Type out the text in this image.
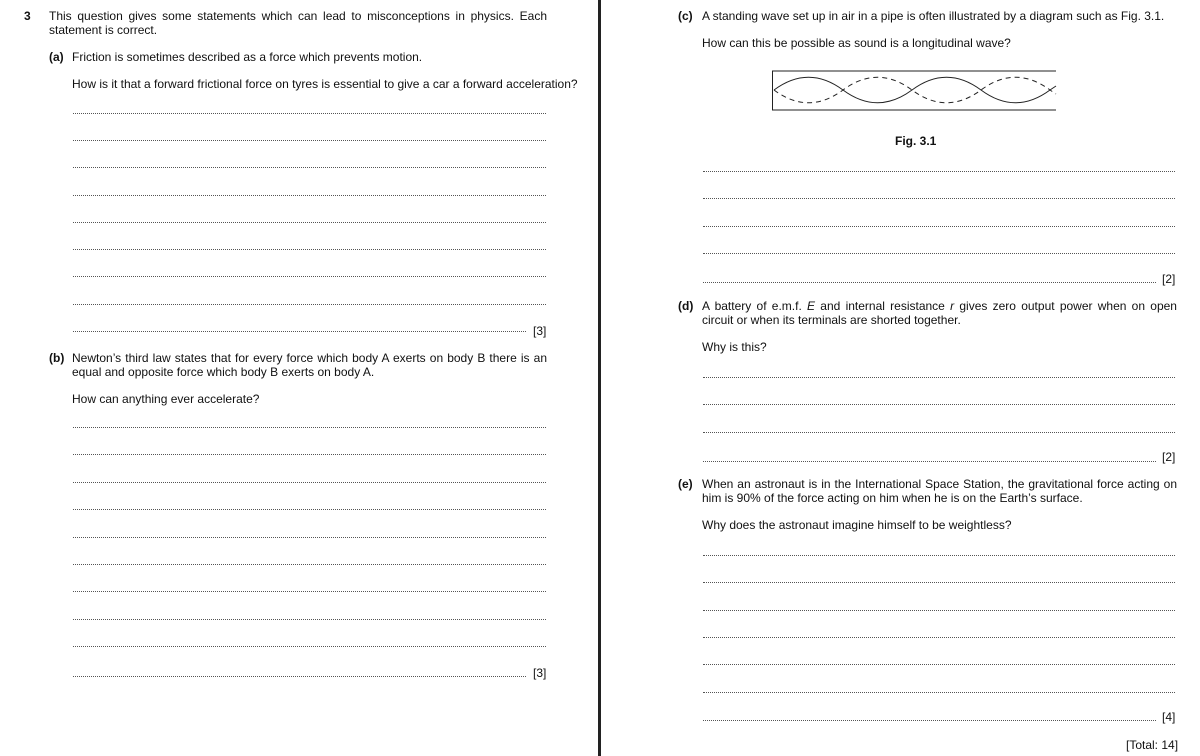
3 This question gives some statements which can lead to misconceptions in physics. Each statement is correct.
(a) Friction is sometimes described as a force which prevents motion.
How is it that a forward frictional force on tyres is essential to give a car a forward acceleration?
[3]
(b) Newton’s third law states that for every force which body A exerts on body B there is an equal and opposite force which body B exerts on body A.
How can anything ever accelerate?
[3]
(c) A standing wave set up in air in a pipe is often illustrated by a diagram such as Fig. 3.1.
How can this be possible as sound is a longitudinal wave?
Fig. 3.1
[2]
(d) A battery of e.m.f. E and internal resistance r gives zero output power when on open circuit or when its terminals are shorted together.
Why is this?
[2]
(e) When an astronaut is in the International Space Station, the gravitational force acting on him is 90% of the force acting on him when he is on the Earth’s surface.
Why does the astronaut imagine himself to be weightless?
[4]
[Total: 14]
